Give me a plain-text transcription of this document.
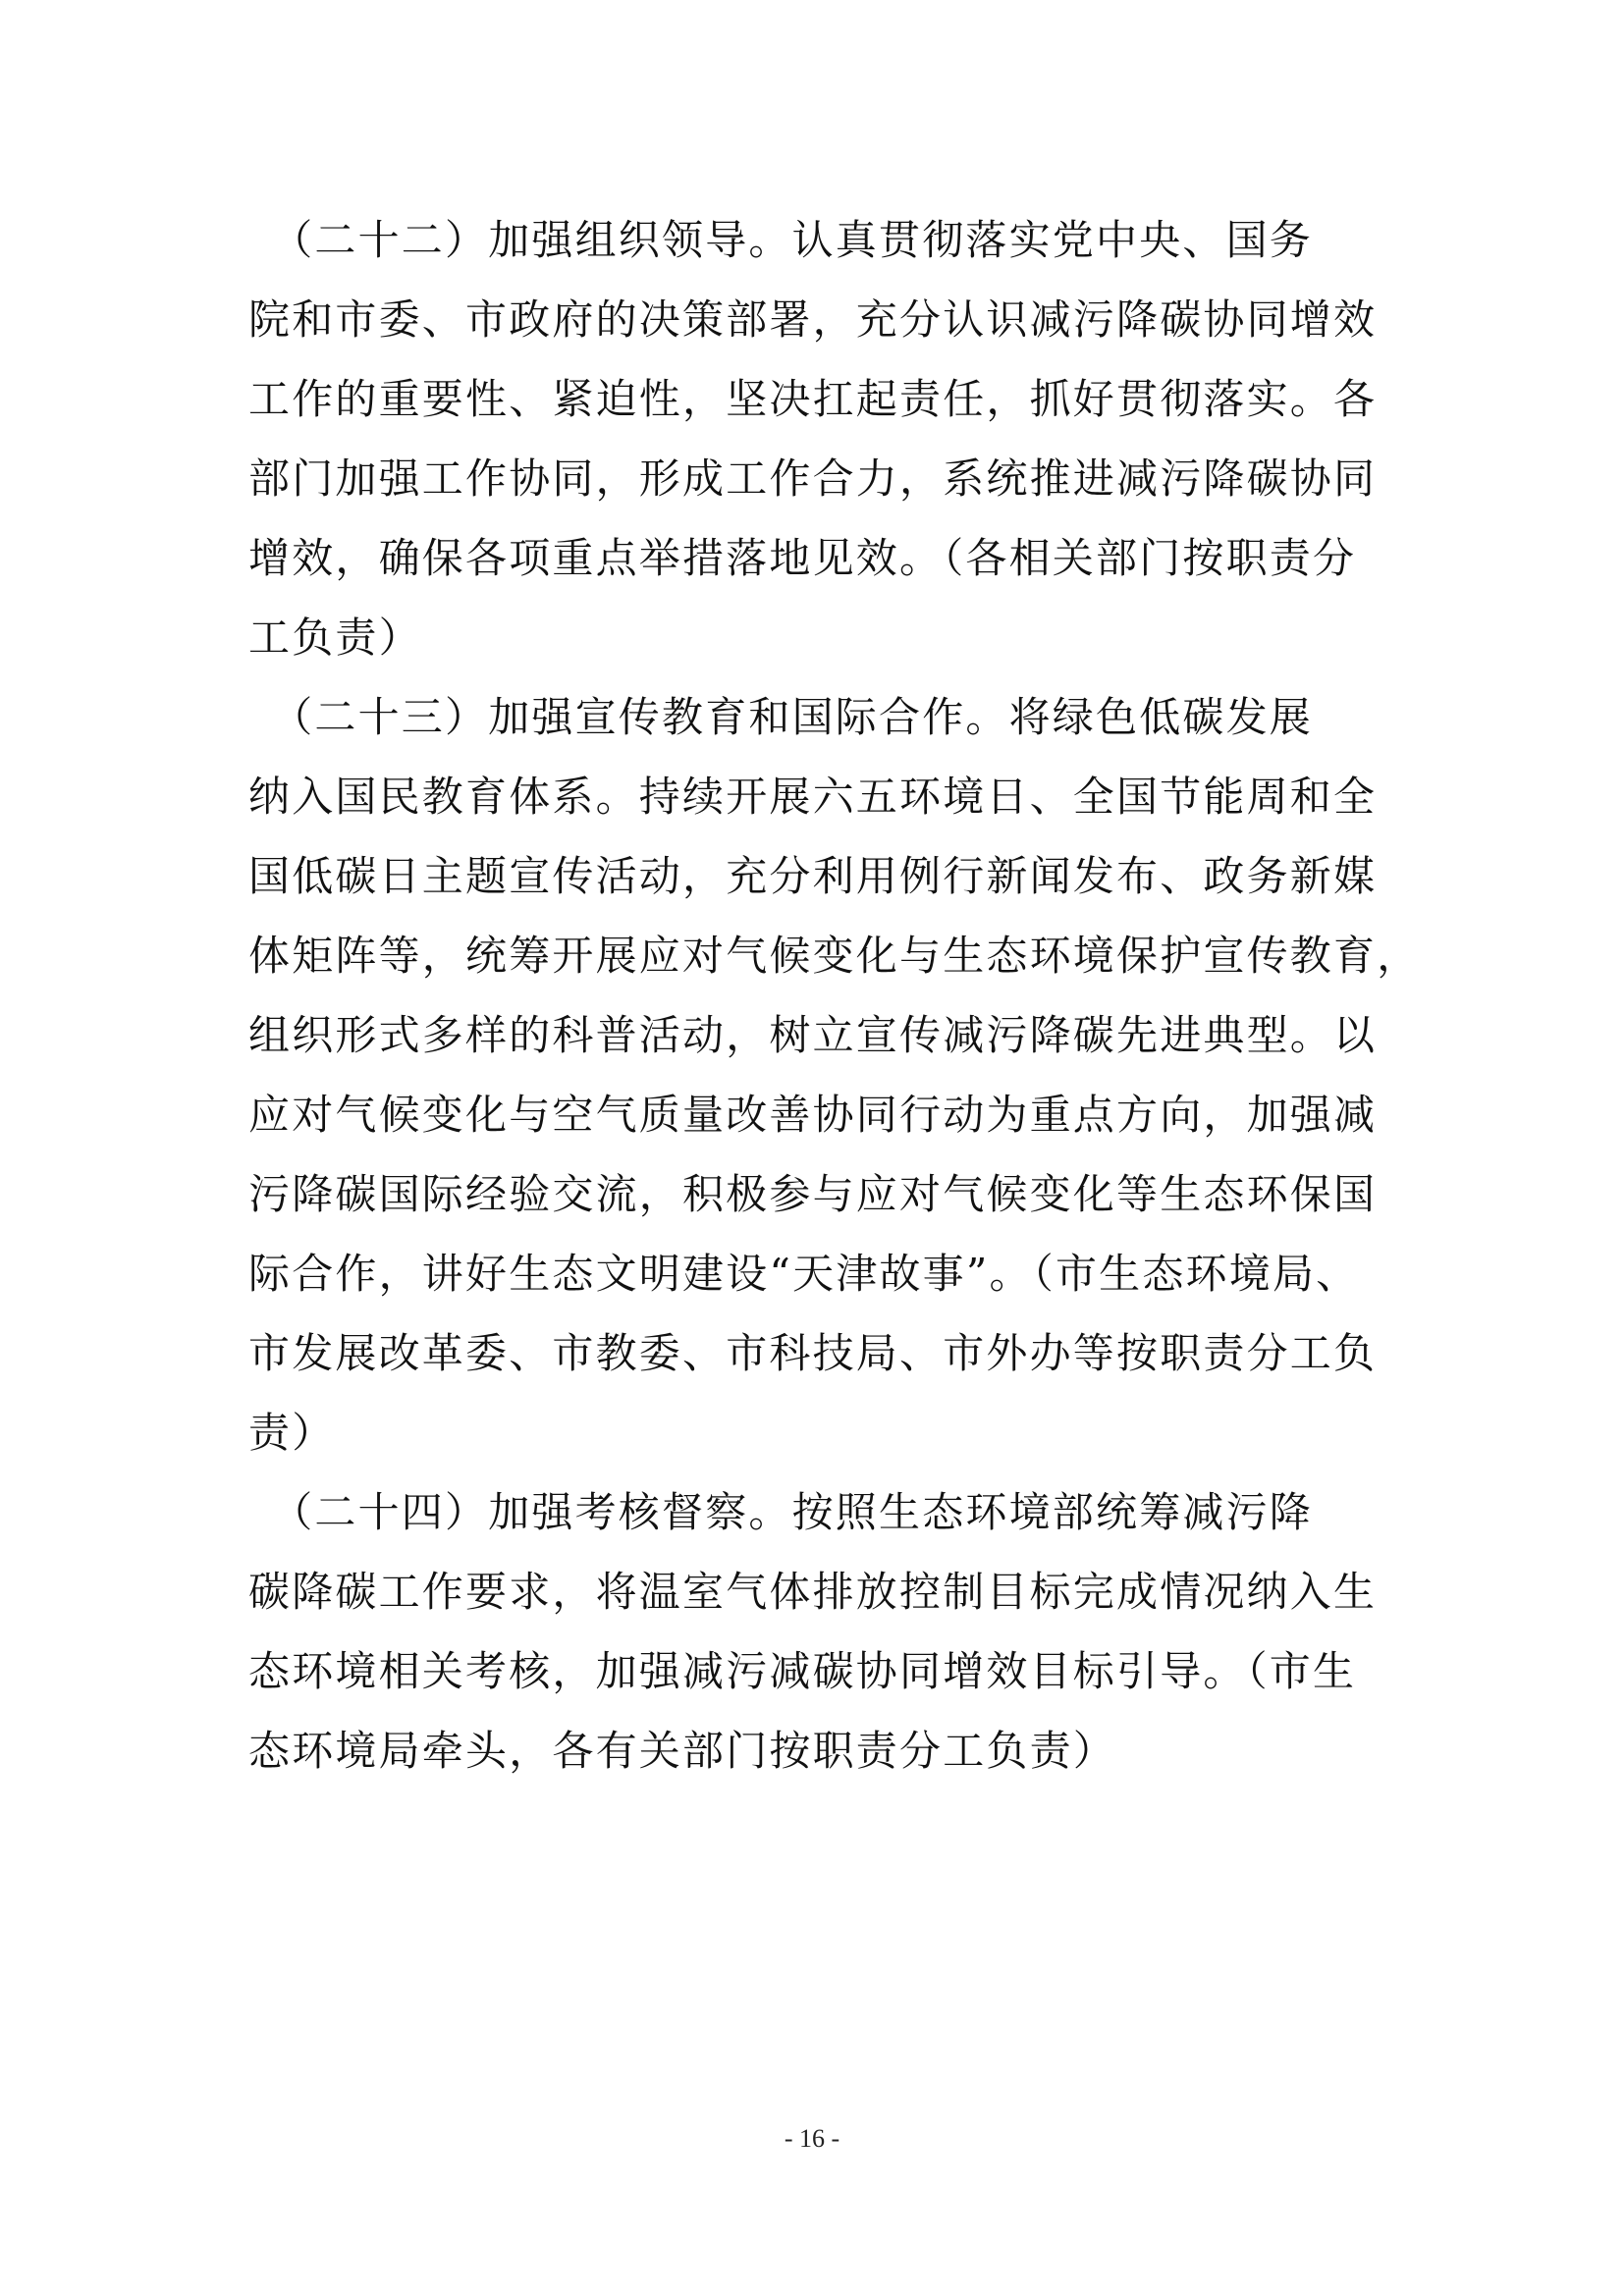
　（二十二）加强组织领导。认真贯彻落实党中央、国务
院和市委、市政府的决策部署，充分认识减污降碳协同增效
工作的重要性、紧迫性，坚决扛起责任，抓好贯彻落实。各
部门加强工作协同，形成工作合力，系统推进减污降碳协同
增效，确保各项重点举措落地见效。（各相关部门按职责分
工负责）
　（二十三）加强宣传教育和国际合作。将绿色低碳发展
纳入国民教育体系。持续开展六五环境日、全国节能周和全
国低碳日主题宣传活动，充分利用例行新闻发布、政务新媒
体矩阵等，统筹开展应对气候变化与生态环境保护宣传教育，
组织形式多样的科普活动，树立宣传减污降碳先进典型。以
应对气候变化与空气质量改善协同行动为重点方向，加强减
污降碳国际经验交流，积极参与应对气候变化等生态环保国
际合作，讲好生态文明建设“天津故事”。（市生态环境局、
市发展改革委、市教委、市科技局、市外办等按职责分工负
责）
　（二十四）加强考核督察。按照生态环境部统筹减污降
碳降碳工作要求，将温室气体排放控制目标完成情况纳入生
态环境相关考核，加强减污减碳协同增效目标引导。（市生
态环境局牵头，各有关部门按职责分工负责）
- 16 -
